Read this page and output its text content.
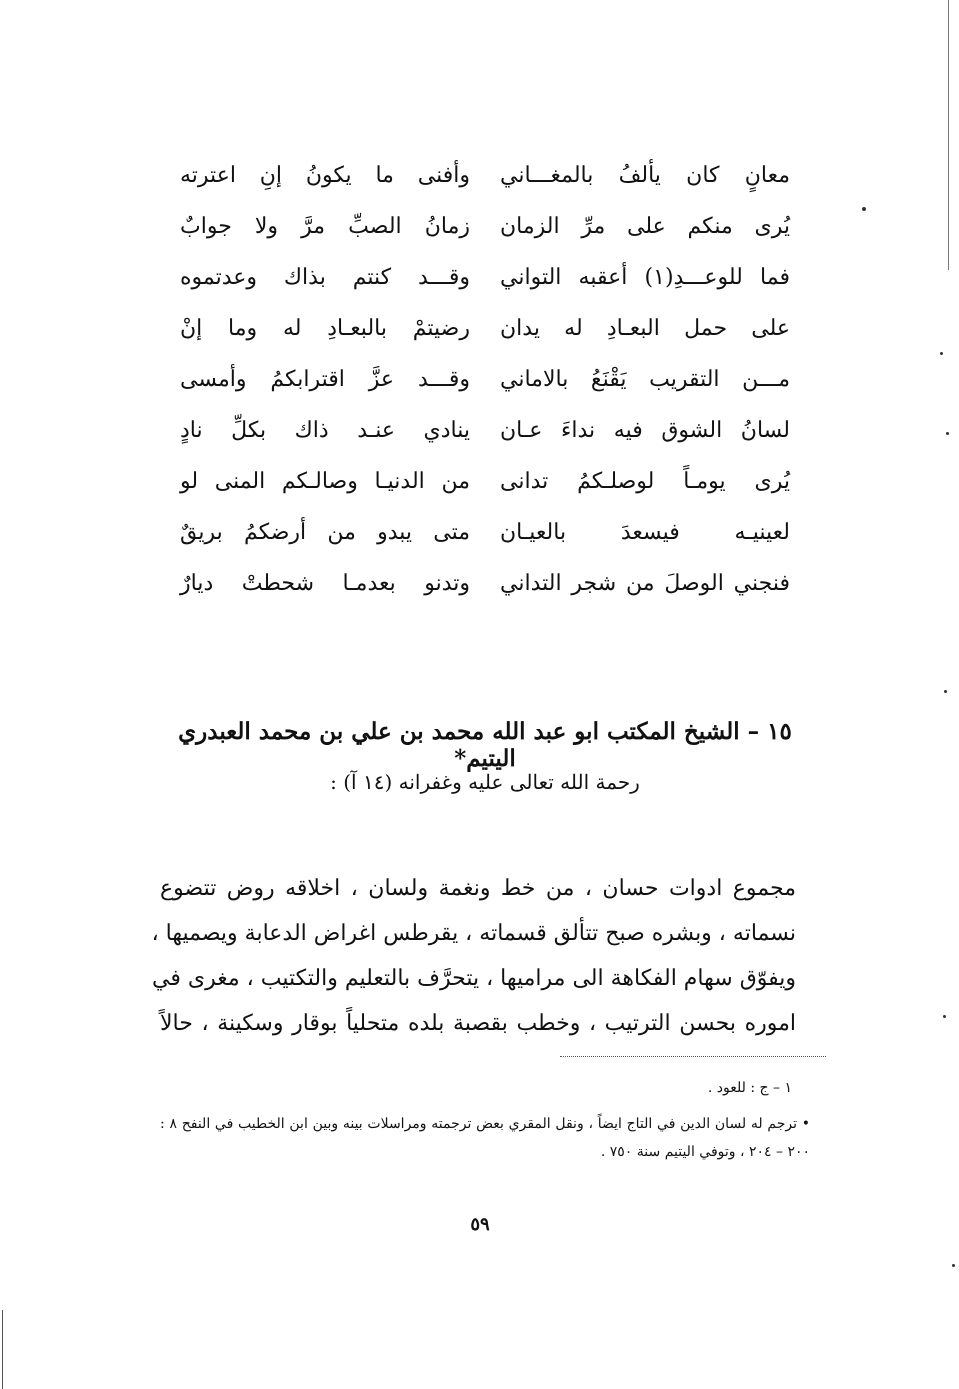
وأفنى ما يكونُ إنِ اعترته معانٍ كان يألفُ بالمغـــاني
زمانُ الصبِّ مرَّ ولا جوابٌ يُرى منكم على مرِّ الزمان
وقـــد كنتم بذاك وعدتموه فما للوعـــدِ(١) أعقبه التواني
رضيتمْ بالبعـادِ له وما إنْ على حمل البعـادِ له يدان
وقـــد عزَّ اقترابكمُ وأمسى مـــن التقريب يَقْنَعُ بالاماني
ينادي عنـد ذاك بكلِّ نادٍ لسانُ الشوق فيه نداءَ عـان
من الدنيـا وصالـكم المنى لو يُرى يومـاً لوصلـكمُ تدانى
متى يبدو من أرضكمُ بريقٌ لعينيـه فيسعدَ بالعيـان
وتدنو بعدمـا شحطتْ دیارٌ فنجني الوصلَ من شجر التداني
١٥ – الشيخ المكتب ابو عبد الله محمد بن علي بن محمد العبدري اليتيم*
رحمة الله تعالى عليه وغفرانه (١٤ آ) :
مجموع ادوات حسان ، من خط ونغمة ولسان ، اخلاقه روض تتضوع
نسماته ، وبشره صبح تتألق قسماته ، يقرطس اغراض الدعابة ويصميها ،
ويفوّق سهام الفكاهة الى مراميها ، يتحرَّف بالتعليم والتكتيب ، مغرى في
اموره بحسن الترتيب ، وخطب بقصبة بلده متحلياً بوقار وسكينة ، حالاً
١ – ج : للعود .
• ترجم له لسان الدين في التاج ايضاً ، ونقل المقري بعض ترجمته ومراسلات بينه وبين ابن الخطيب في النفح ٨ : ٢٠٠ – ٢٠٤ ، وتوفي اليتيم سنة ٧٥٠ .
٥٩
